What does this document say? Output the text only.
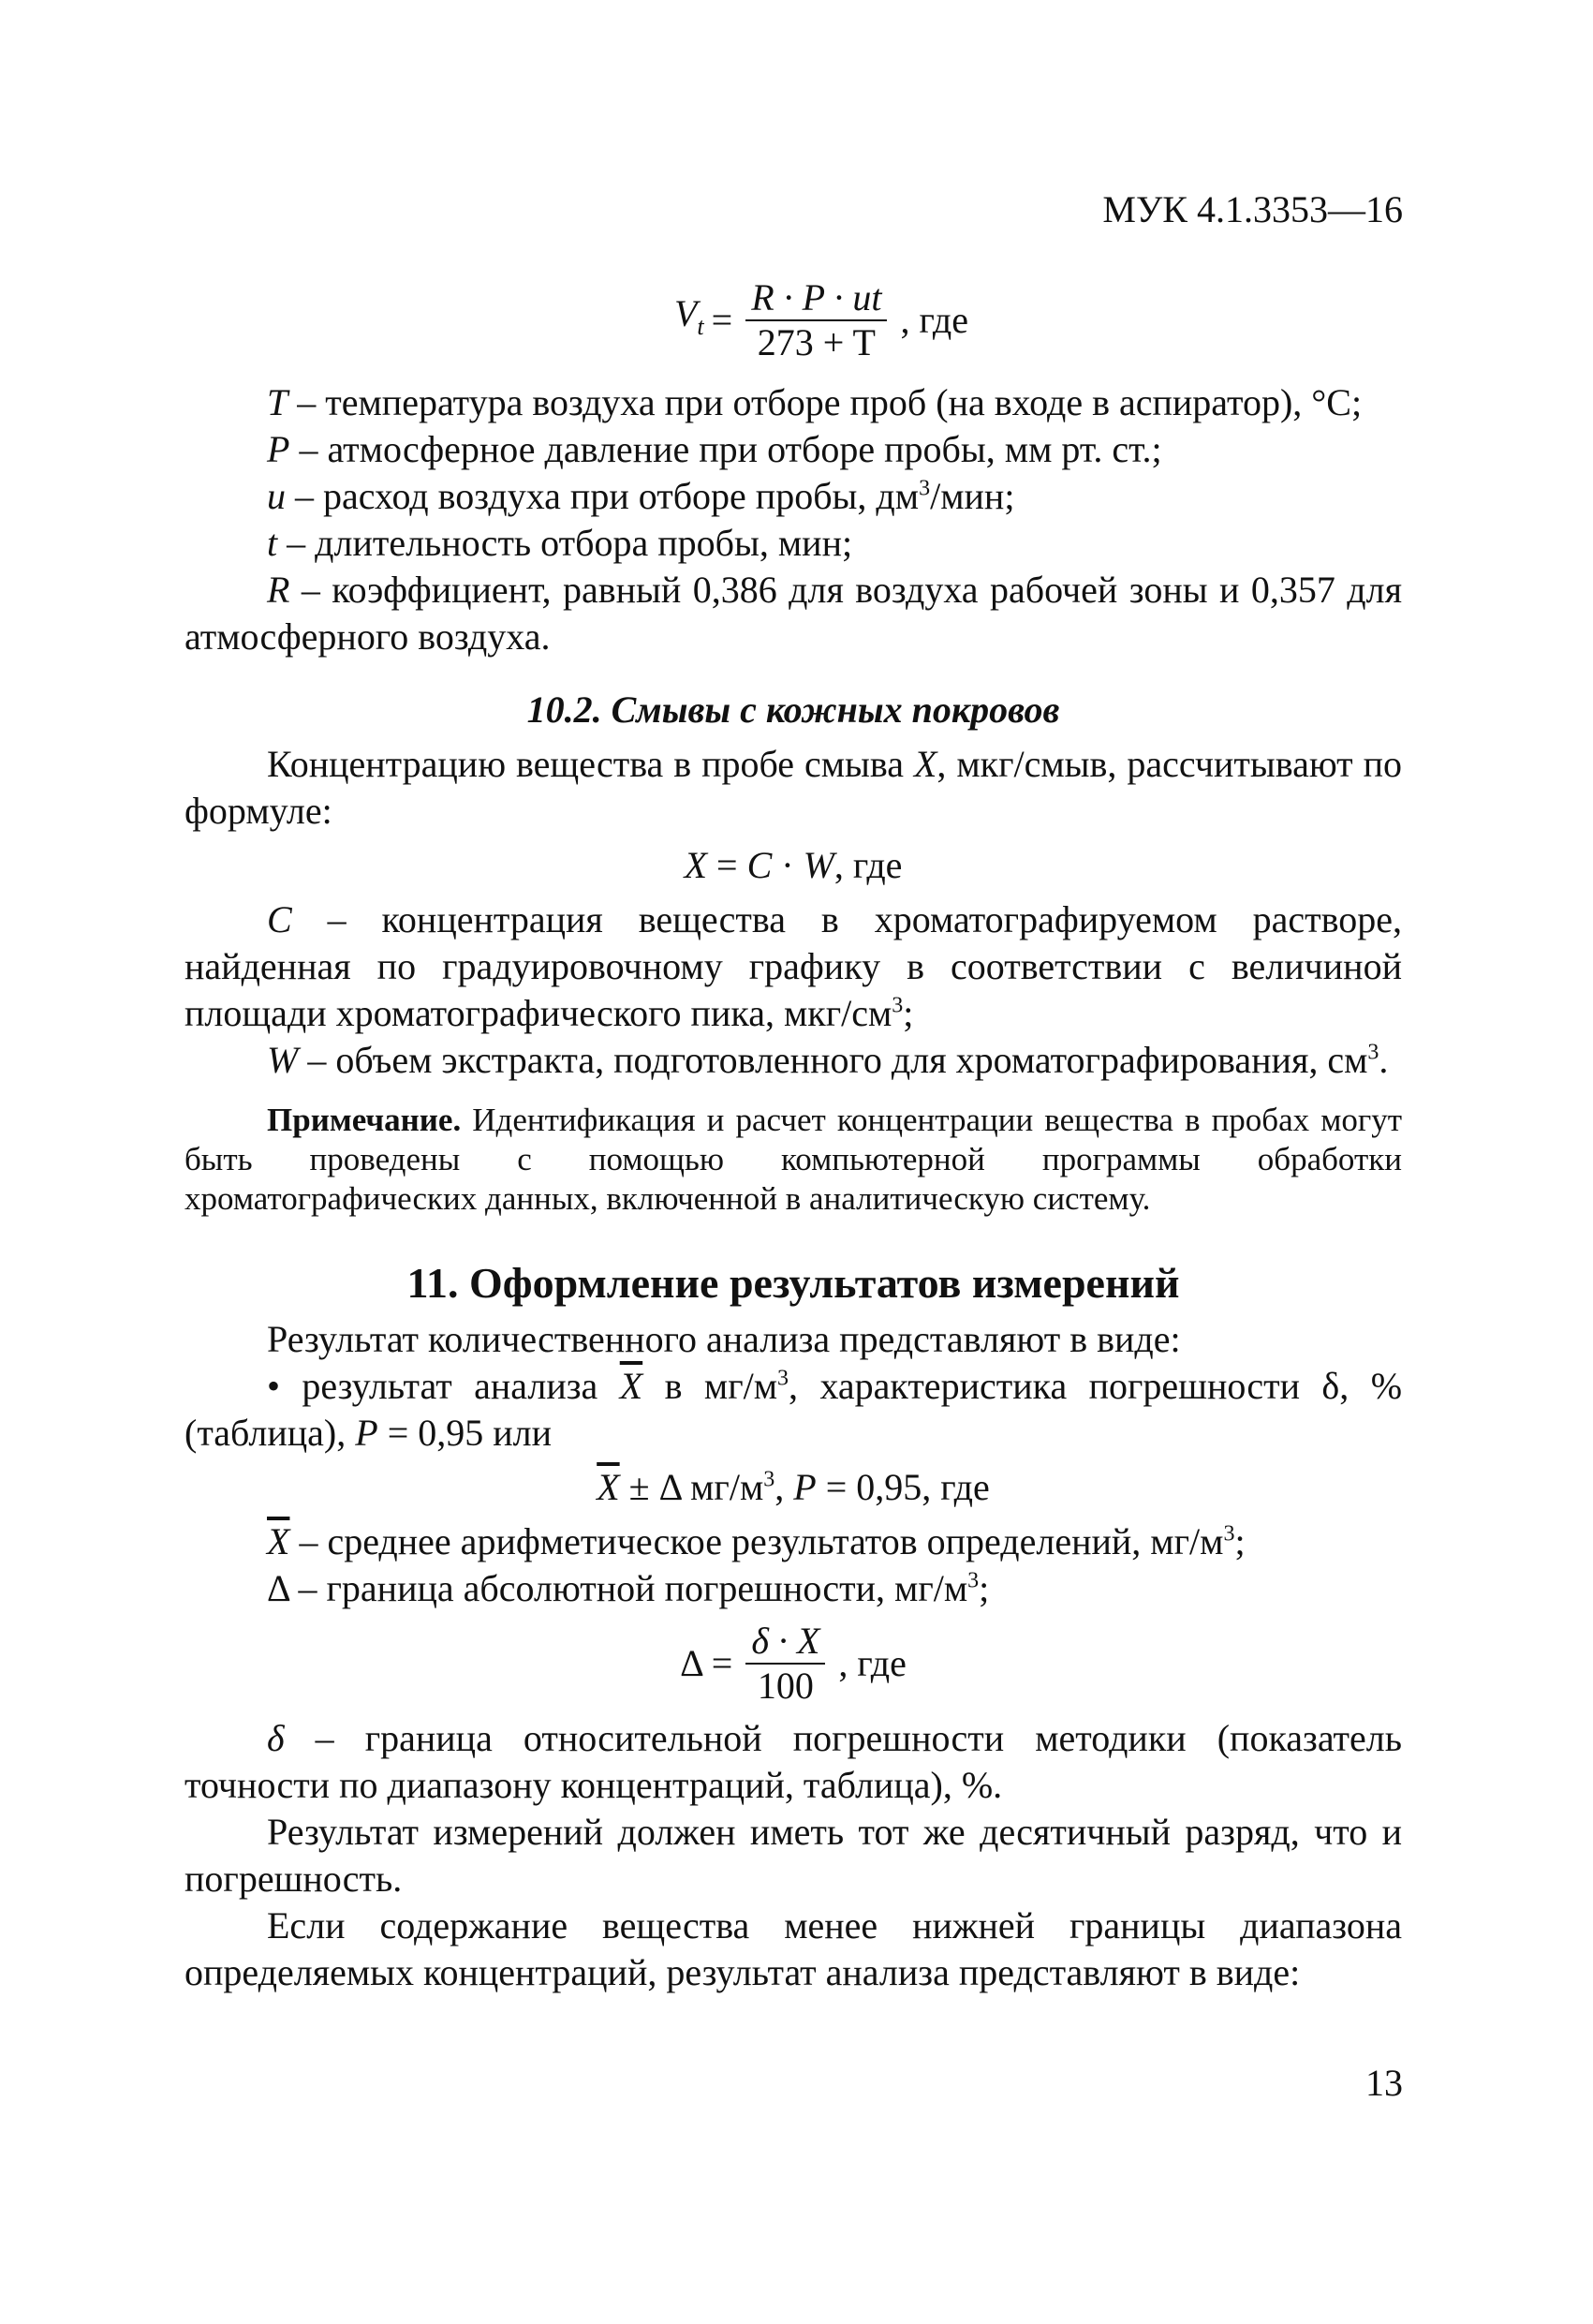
МУК 4.1.3353—16
$V_t = \frac{R \cdot P \cdot ut}{273 + T}$ , где

T – температура воздуха при отборе проб (на входе в аспиратор), °С;

P – атмосферное давление при отборе пробы, мм рт. ст.;

u – расход воздуха при отборе пробы, $дм^3$/мин;

t – длительность отбора пробы, мин;

R – коэффициент, равный 0,386 для воздуха рабочей зоны и 0,357 для атмосферного воздуха.

10.2. Смывы с кожных покровов

Концентрацию вещества в пробе смыва X, мкг/смыв, рассчитывают по формуле:

X = C · W, где

C – концентрация вещества в хроматографируемом растворе, найденная по градуировочному графику в соответствии с величиной площади хроматографического пика, мкг/$см^3$;

W – объем экстракта, подготовленного для хроматографирования, $см^3$.

Примечание. Идентификация и расчет концентрации вещества в пробах могут быть проведены с помощью компьютерной программы обработки хроматографических данных, включенной в аналитическую систему.

11. Оформление результатов измерений

Результат количественного анализа представляют в виде:

• результат анализа $\overline{X}$ в $мг/м^3$, характеристика погрешности δ, % (таблица), P = 0,95 или

$\overline{X} \pm \Delta$ $мг/м^3$, P = 0,95, где

$\overline{X}$ – среднее арифметическое результатов определений, $мг/м^3$;

Δ – граница абсолютной погрешности, $мг/м^3$;

$\Delta = \frac{\delta \cdot X}{100}$ , где

δ – граница относительной погрешности методики (показатель точности по диапазону концентраций, таблица), %.

Результат измерений должен иметь тот же десятичный разряд, что и погрешность.

Если содержание вещества менее нижней границы диапазона определяемых концентраций, результат анализа представляют в виде:

13
